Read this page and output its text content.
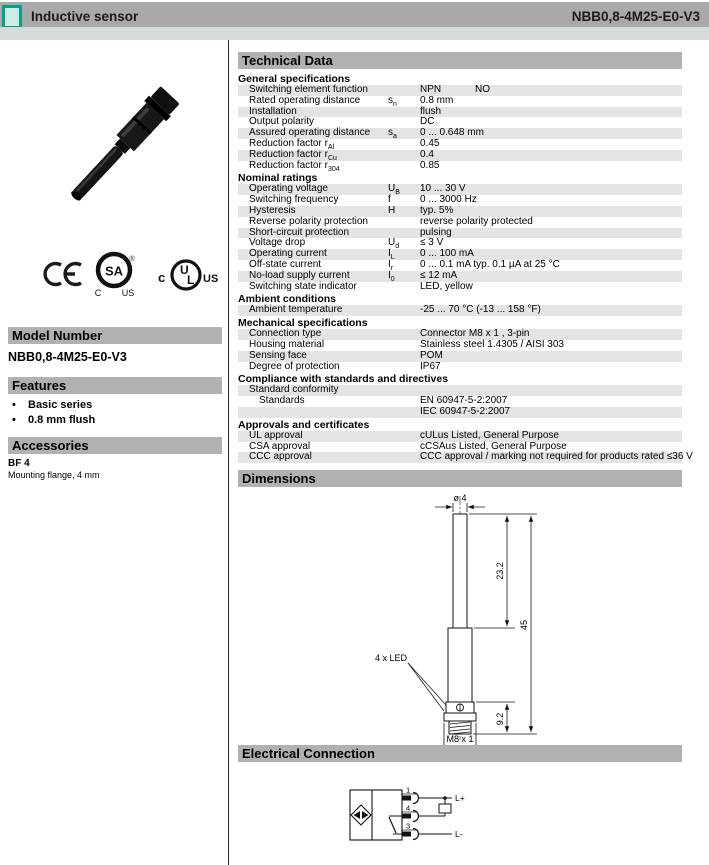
Inductive sensor	NBB0,8-4M25-E0-V3
SA
®
C US
c U
L US
Model Number
NBB0,8-4M25-E0-V3
Features
• Basic series
• 0.8 mm flush
Accessories
BF 4
Mounting flange, 4 mm
Technical Data
General specifications
Switching element function	NPN	NO
Rated operating distance	$s_n$	0.8 mm
Installation	flush
Output polarity	DC
Assured operating distance	$s_a$	0 ... 0.648 mm
Reduction factor $r_{Al}$	0.45
Reduction factor $r_{Cu}$	0.4
Reduction factor $r_{304}$	0.85
Nominal ratings
Operating voltage	$U_B$	10 ... 30 V
Switching frequency	f	0 ... 3000 Hz
Hysteresis	H	typ. 5%
Reverse polarity protection	reverse polarity protected
Short-circuit protection	pulsing
Voltage drop	$U_d$	≤ 3 V
Operating current	$I_L$	0 ... 100 mA
Off-state current	$I_r$	0 ... 0.1 mA typ. 0.1 µA at 25 °C
No-load supply current	$I_0$	≤ 12 mA
Switching state indicator	LED, yellow
Ambient conditions
Ambient temperature	-25 ... 70 °C (-13 ... 158 °F)
Mechanical specifications
Connection type	Connector M8 x 1 , 3-pin
Housing material	Stainless steel 1.4305 / AISI 303
Sensing face	POM
Degree of protection	IP67
Compliance with standards and directives
Standard conformity
Standards	EN 60947-5-2:2007
IEC 60947-5-2:2007
Approvals and certificates
UL approval	cULus Listed, General Purpose
CSA approval	cCSAus Listed, General Purpose
CCC approval	CCC approval / marking not required for products rated ≤36 V
Dimensions
ø 4
23.2
9.2
45
4 x LED
M8 x 1
Electrical Connection
1
4
3
L+
L-
